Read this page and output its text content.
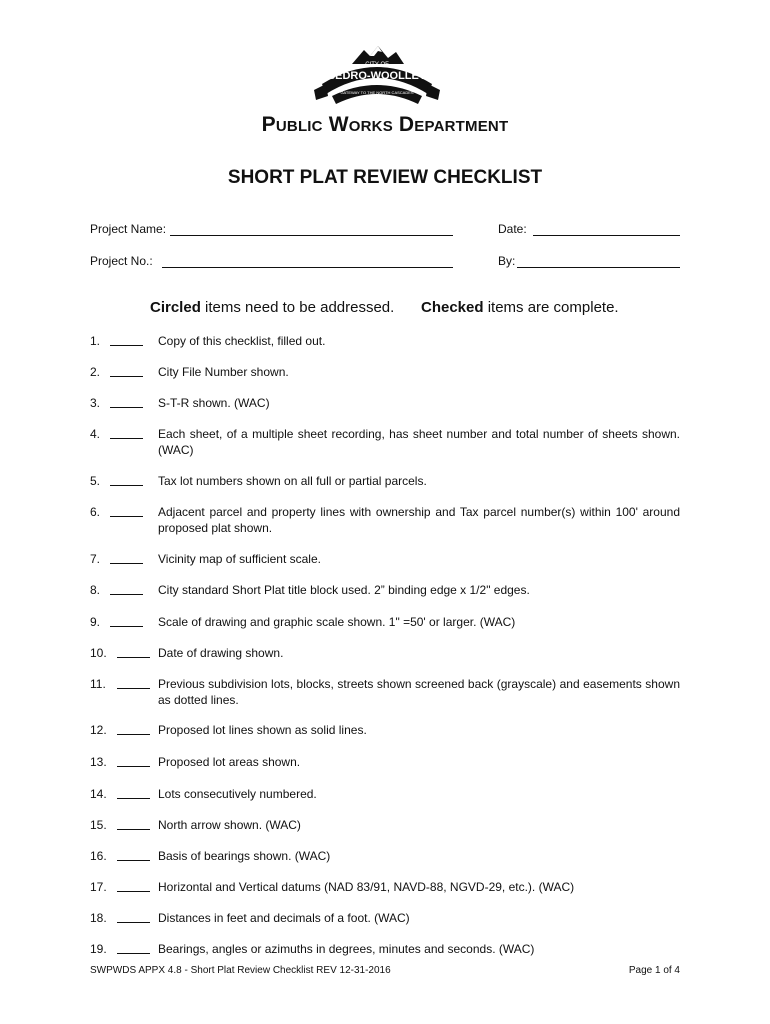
CITY OF
SEDRO-WOOLLEY
GATEWAY TO THE NORTH CASCADES
Public Works Department
SHORT PLAT REVIEW CHECKLIST
Project Name:	Date:
Project No.:	By:
Circled items need to be addressed. Checked items are complete.
1.	Copy of this checklist, filled out.
2.	City File Number shown.
3.	S-T-R shown. (WAC)
4.	Each sheet, of a multiple sheet recording, has sheet number and total number of sheets shown. (WAC)
5.	Tax lot numbers shown on all full or partial parcels.
6.	Adjacent parcel and property lines with ownership and Tax parcel number(s) within 100' around proposed plat shown.
7.	Vicinity map of sufficient scale.
8.	City standard Short Plat title block used. 2” binding edge x 1/2" edges.
9.	Scale of drawing and graphic scale shown. 1" =50' or larger. (WAC)
10.	Date of drawing shown.
11.	Previous subdivision lots, blocks, streets shown screened back (grayscale) and easements shown as dotted lines.
12.	Proposed lot lines shown as solid lines.
13.	Proposed lot areas shown.
14.	Lots consecutively numbered.
15.	North arrow shown. (WAC)
16.	Basis of bearings shown. (WAC)
17.	Horizontal and Vertical datums (NAD 83/91, NAVD-88, NGVD-29, etc.). (WAC)
18.	Distances in feet and decimals of a foot. (WAC)
19.	Bearings, angles or azimuths in degrees, minutes and seconds. (WAC)
SWPWDS APPX 4.8 - Short Plat Review Checklist REV 12-31-2016	Page 1 of 4
